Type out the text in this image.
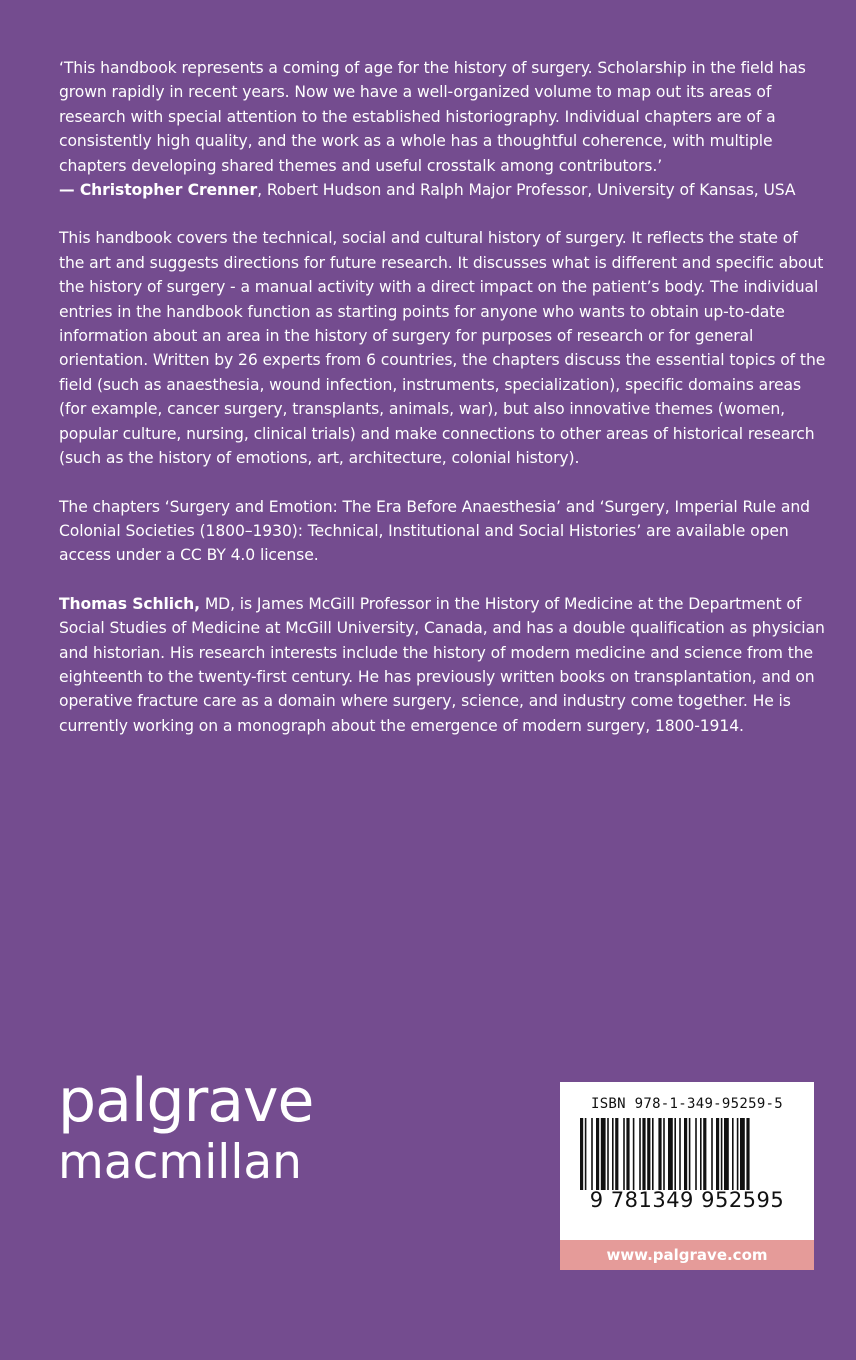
‘This handbook represents a coming of age for the history of surgery. Scholarship in the field has grown rapidly in recent years. Now we have a well-organized volume to map out its areas of research with special attention to the established historiography. Individual chapters are of a consistently high quality, and the work as a whole has a thoughtful coherence, with multiple chapters developing shared themes and useful crosstalk among contributors.’
— Christopher Crenner, Robert Hudson and Ralph Major Professor, University of Kansas, USA

This handbook covers the technical, social and cultural history of surgery. It reflects the state of the art and suggests directions for future research. It discusses what is different and specific about the history of surgery - a manual activity with a direct impact on the patient’s body. The individual entries in the handbook function as starting points for anyone who wants to obtain up-to-date information about an area in the history of surgery for purposes of research or for general orientation. Written by 26 experts from 6 countries, the chapters discuss the essential topics of the field (such as anaesthesia, wound infection, instruments, specialization), specific domains areas (for example, cancer surgery, transplants, animals, war), but also innovative themes (women, popular culture, nursing, clinical trials) and make connections to other areas of historical research (such as the history of emotions, art, architecture, colonial history).

The chapters ‘Surgery and Emotion: The Era Before Anaesthesia’ and ‘Surgery, Imperial Rule and Colonial Societies (1800–1930): Technical, Institutional and Social Histories’ are available open access under a CC BY 4.0 license.

Thomas Schlich, MD, is James McGill Professor in the History of Medicine at the Department of Social Studies of Medicine at McGill University, Canada, and has a double qualification as physician and historian. His research interests include the history of modern medicine and science from the eighteenth to the twenty-first century. He has previously written books on transplantation, and on operative fracture care as a domain where surgery, science, and industry come together. He is currently working on a monograph about the emergence of modern surgery, 1800-1914.

palgrave
macmillan
ISBN 978-1-349-95259-5
9 781349 952595
www.palgrave.com
